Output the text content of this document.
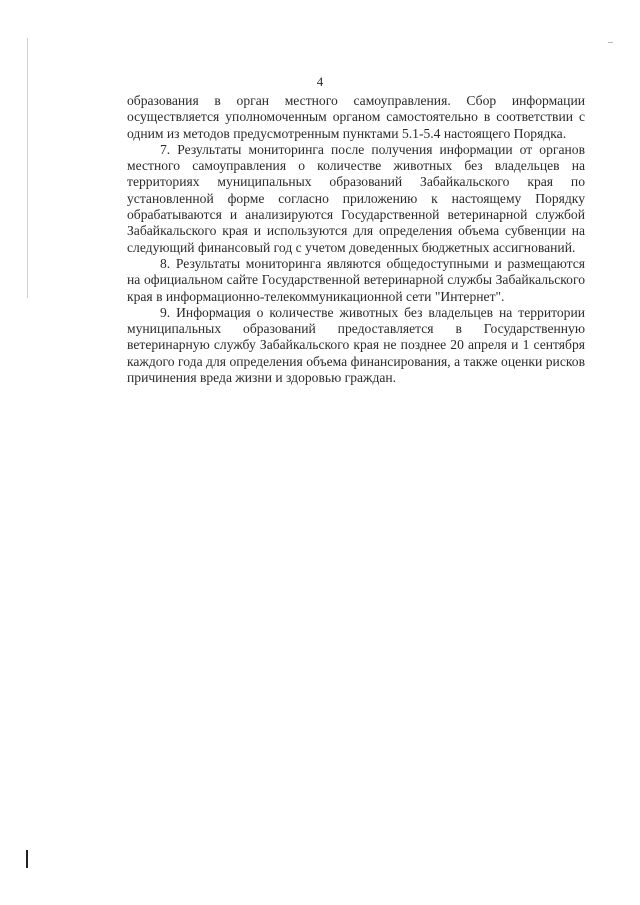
4

образования в орган местного самоуправления. Сбор информации осуществляется уполномоченным органом самостоятельно в соответствии с одним из методов предусмотренным пунктами 5.1-5.4 настоящего Порядка.

7. Результаты мониторинга после получения информации от органов местного самоуправления о количестве животных без владельцев на территориях муниципальных образований Забайкальского края по установленной форме согласно приложению к настоящему Порядку обрабатываются и анализируются Государственной ветеринарной службой Забайкальского края и используются для определения объема субвенции на следующий финансовый год с учетом доведенных бюджетных ассигнований.

8. Результаты мониторинга являются общедоступными и размещаются на официальном сайте Государственной ветеринарной службы Забайкальского края в информационно-телекоммуникационной сети "Интернет".

9. Информация о количестве животных без владельцев на территории муниципальных образований предоставляется в Государственную ветеринарную службу Забайкальского края не позднее 20 апреля и 1 сентября каждого года для определения объема финансирования, а также оценки рисков причинения вреда жизни и здоровью граждан.
